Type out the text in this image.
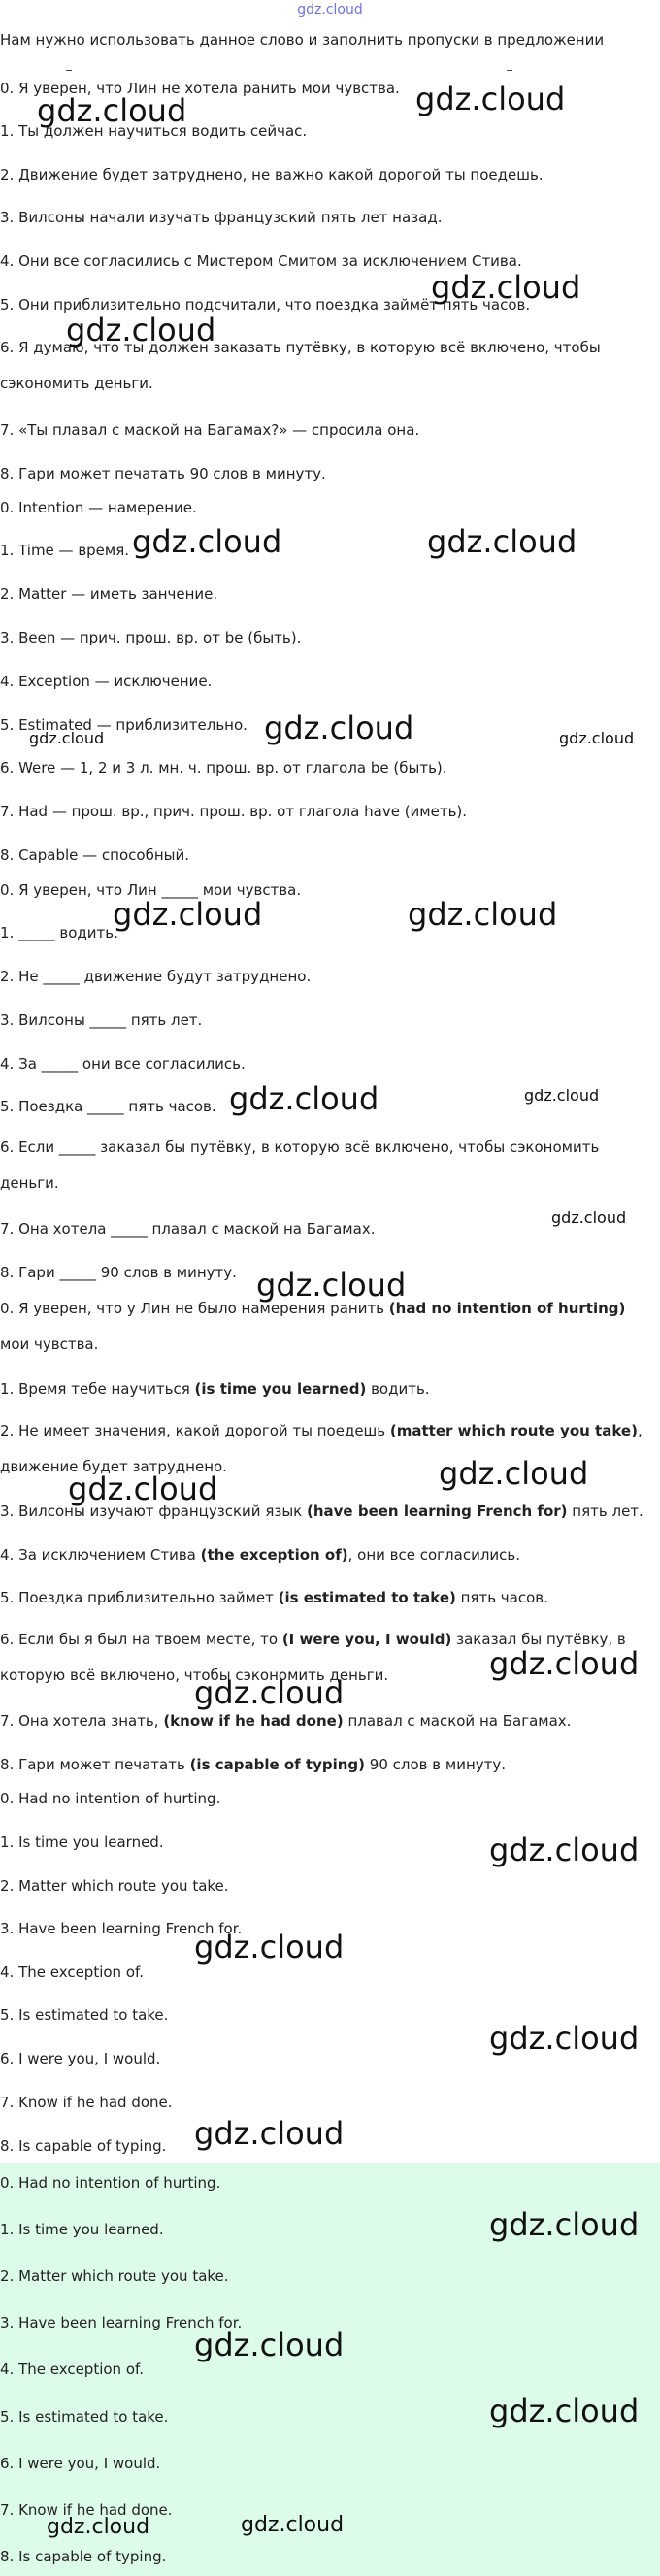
gdz.cloud
Нам нужно использовать данное слово и заполнить пропуски в предложении
0. Я уверен, что Лин не хотела ранить мои чувства.
1. Ты должен научиться водить сейчас.
2. Движение будет затруднено, не важно какой дорогой ты поедешь.
3. Вилсоны начали изучать французский пять лет назад.
4. Они все согласились с Мистером Смитом за исключением Стива.
5. Они приблизительно подсчитали, что поездка займёт пять часов.
6. Я думаю, что ты должен заказать путёвку, в которую всё включено, чтобы сэкономить деньги.
7. «Ты плавал с маской на Багамах?» — спросила она.
8. Гари может печатать 90 слов в минуту.
0. Intention — намерение.
1. Time — время.
2. Matter — иметь занчение.
3. Been — прич. прош. вр. от be (быть).
4. Exception — исключение.
5. Estimated — приблизительно.
6. Were — 1, 2 и 3 л. мн. ч. прош. вр. от глагола be (быть).
7. Had — прош. вр., прич. прош. вр. от глагола have (иметь).
8. Capable — способный.
0. Я уверен, что Лин _____ мои чувства.
1. _____ водить.
2. Не _____ движение будут затруднено.
3. Вилсоны _____ пять лет.
4. За _____ они все согласились.
5. Поездка _____ пять часов.
6. Если _____ заказал бы путёвку, в которую всё включено, чтобы сэкономить деньги.
7. Она хотела _____ плавал с маской на Багамах.
8. Гари _____ 90 слов в минуту.
0. Я уверен, что у Лин не было намерения ранить (had no intention of hurting) мои чувства.
1. Время тебе научиться (is time you learned) водить.
2. Не имеет значения, какой дорогой ты поедешь (matter which route you take), движение будет затруднено.
3. Вилсоны изучают французский язык (have been learning French for) пять лет.
4. За исключением Стива (the exception of), они все согласились.
5. Поездка приблизительно займет (is estimated to take) пять часов.
6. Если бы я был на твоем месте, то (I were you, I would) заказал бы путёвку, в которую всё включено, чтобы сэкономить деньги.
7. Она хотела знать, (know if he had done) плавал с маской на Багамах.
8. Гари может печатать (is capable of typing) 90 слов в минуту.
0. Had no intention of hurting.
1. Is time you learned.
2. Matter which route you take.
3. Have been learning French for.
4. The exception of.
5. Is estimated to take.
6. I were you, I would.
7. Know if he had done.
8. Is capable of typing.
0. Had no intention of hurting.
1. Is time you learned.
2. Matter which route you take.
3. Have been learning French for.
4. The exception of.
5. Is estimated to take.
6. I were you, I would.
7. Know if he had done.
8. Is capable of typing.
gdz.cloud	gdz.cloud
gdz.cloud
gdz.cloud
gdz.cloud	gdz.cloud
gdz.cloud
gdz.cloud	gdz.cloud
gdz.cloud	gdz.cloud
gdz.cloud	gdz.cloud
gdz.cloud
gdz.cloud
gdz.cloud
gdz.cloud
gdz.cloud
gdz.cloud
gdz.cloud
gdz.cloud
gdz.cloud
gdz.cloud
gdz.cloud
gdz.cloud
gdz.cloud
gdz.cloud	gdz.cloud
